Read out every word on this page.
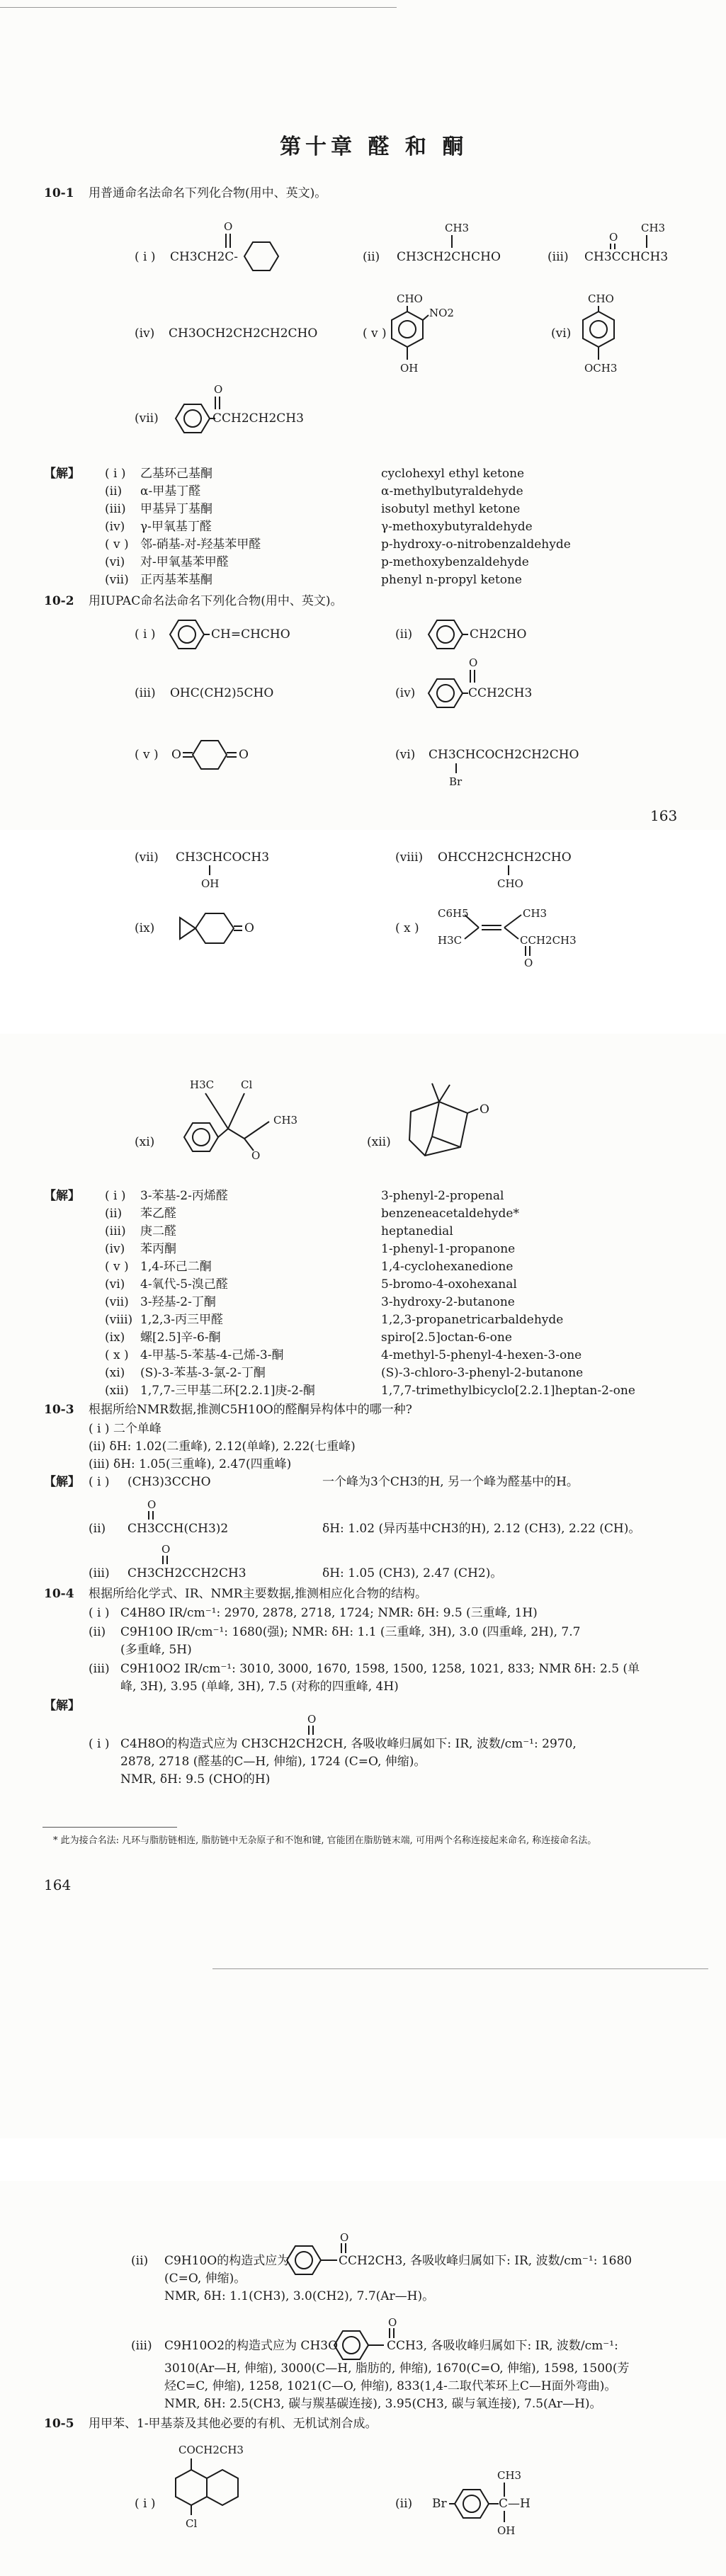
第十章 醛 和 酮
10-1 用普通命名法命名下列化合物(用中、英文)。
( i ) CH3CH2C-
O
(ii)
CH3
CH3CH2CHCHO	(iii)
CH3
O
CH3CCHCH3
(iv) CH3OCH2CH2CH2CHO	( v )
CHO
NO2
OH
(vi)
CHO
OCH3
(vii)
O
CCH2CH2CH3
【解】 ( i ) 乙基环己基酮	cyclohexyl ethyl ketone
(ii) α-甲基丁醛	α-methylbutyraldehyde
(iii) 甲基异丁基酮	isobutyl methyl ketone
(iv) γ-甲氧基丁醛	γ-methoxybutyraldehyde
( v ) 邻-硝基-对-羟基苯甲醛	p-hydroxy-o-nitrobenzaldehyde
(vi) 对-甲氧基苯甲醛	p-methoxybenzaldehyde
(vii) 正丙基苯基酮	phenyl n-propyl ketone
10-2 用IUPAC命名法命名下列化合物(用中、英文)。
( i )	CH=CHCHO	(ii)	CH2CHO
(iii) OHC(CH2)5CHO	(iv)
O
CCH2CH3
( v ) O	O	(vi) CH3CHCOCH2CH2CHO
Br
163
(xi)
H3C	Cl
CH3
O
(xii)
O
【解】 ( i ) 3-苯基-2-丙烯醛	3-phenyl-2-propenal
(ii) 苯乙醛	benzeneacetaldehyde*
(iii) 庚二醛	heptanedial
(iv) 苯丙酮	1-phenyl-1-propanone
( v ) 1,4-环己二酮	1,4-cyclohexanedione
(vi) 4-氧代-5-溴己醛	5-bromo-4-oxohexanal
(vii) 3-羟基-2-丁酮	3-hydroxy-2-butanone
(viii) 1,2,3-丙三甲醛	1,2,3-propanetricarbaldehyde
(ix) 螺[2.5]辛-6-酮	spiro[2.5]octan-6-one
( x ) 4-甲基-5-苯基-4-己烯-3-酮	4-methyl-5-phenyl-4-hexen-3-one
(xi) (S)-3-苯基-3-氯-2-丁酮	(S)-3-chloro-3-phenyl-2-butanone
(xii) 1,7,7-三甲基二环[2.2.1]庚-2-酮	1,7,7-trimethylbicyclo[2.2.1]heptan-2-one
10-3 根据所给NMR数据,推测C5H10O的醛酮异构体中的哪一种?
( i ) 二个单峰
(ii) δH: 1.02(二重峰), 2.12(单峰), 2.22(七重峰)
(iii) δH: 1.05(三重峰), 2.47(四重峰)
【解】 ( i ) (CH3)3CCHO	一个峰为3个CH3的H, 另一个峰为醛基中的H。
O
(ii) CH3CCH(CH3)2	δH: 1.02 (异丙基中CH3的H), 2.12 (CH3), 2.22 (CH)。
O
(iii) CH3CH2CCH2CH3	δH: 1.05 (CH3), 2.47 (CH2)。
10-4 根据所给化学式、IR、NMR主要数据,推测相应化合物的结构。
( i ) C4H8O IR/cm⁻¹: 2970, 2878, 2718, 1724; NMR: δH: 9.5 (三重峰, 1H)
(ii) C9H10O IR/cm⁻¹: 1680(强); NMR: δH: 1.1 (三重峰, 3H), 3.0 (四重峰, 2H), 7.7
(多重峰, 5H)
(iii) C9H10O2 IR/cm⁻¹: 3010, 3000, 1670, 1598, 1500, 1258, 1021, 833; NMR δH: 2.5 (单
峰, 3H), 3.95 (单峰, 3H), 7.5 (对称的四重峰, 4H)
【解】
O
( i ) C4H8O的构造式应为 CH3CH2CH2CH, 各吸收峰归属如下: IR, 波数/cm⁻¹: 2970,
2878, 2718 (醛基的C—H, 伸缩), 1724 (C=O, 伸缩)。
NMR, δH: 9.5 (CHO的H)
* 此为接合名法: 凡环与脂肪链相连, 脂肪链中无杂原子和不饱和键, 官能团在脂肪链末端, 可用两个名称连接起来命名, 称连接命名法。
164
(vii) CH3CHCOCH3
OH
(viii) OHCCH2CHCH2CHO
CHO
(ix)	O	( x )
C6H5
H3C
CH3
CCH2CH3
O
O
(ii) C9H10O的构造式应为	CCH2CH3, 各吸收峰归属如下: IR, 波数/cm⁻¹: 1680
(C=O, 伸缩)。
NMR, δH: 1.1(CH3), 3.0(CH2), 7.7(Ar—H)。
O
(iii) C9H10O2的构造式应为 CH3O	CCH3, 各吸收峰归属如下: IR, 波数/cm⁻¹:
3010(Ar—H, 伸缩), 3000(C—H, 脂肪的, 伸缩), 1670(C=O, 伸缩), 1598, 1500(芳
烃C=C, 伸缩), 1258, 1021(C—O, 伸缩), 833(1,4-二取代苯环上C—H面外弯曲)。
NMR, δH: 2.5(CH3, 碳与羰基碳连接), 3.95(CH3, 碳与氧连接), 7.5(Ar—H)。
10-5 用甲苯、1-甲基萘及其他必要的有机、无机试剂合成。
( i )
COCH2CH3
Cl
(ii) Br
CH3
C—H
OH
